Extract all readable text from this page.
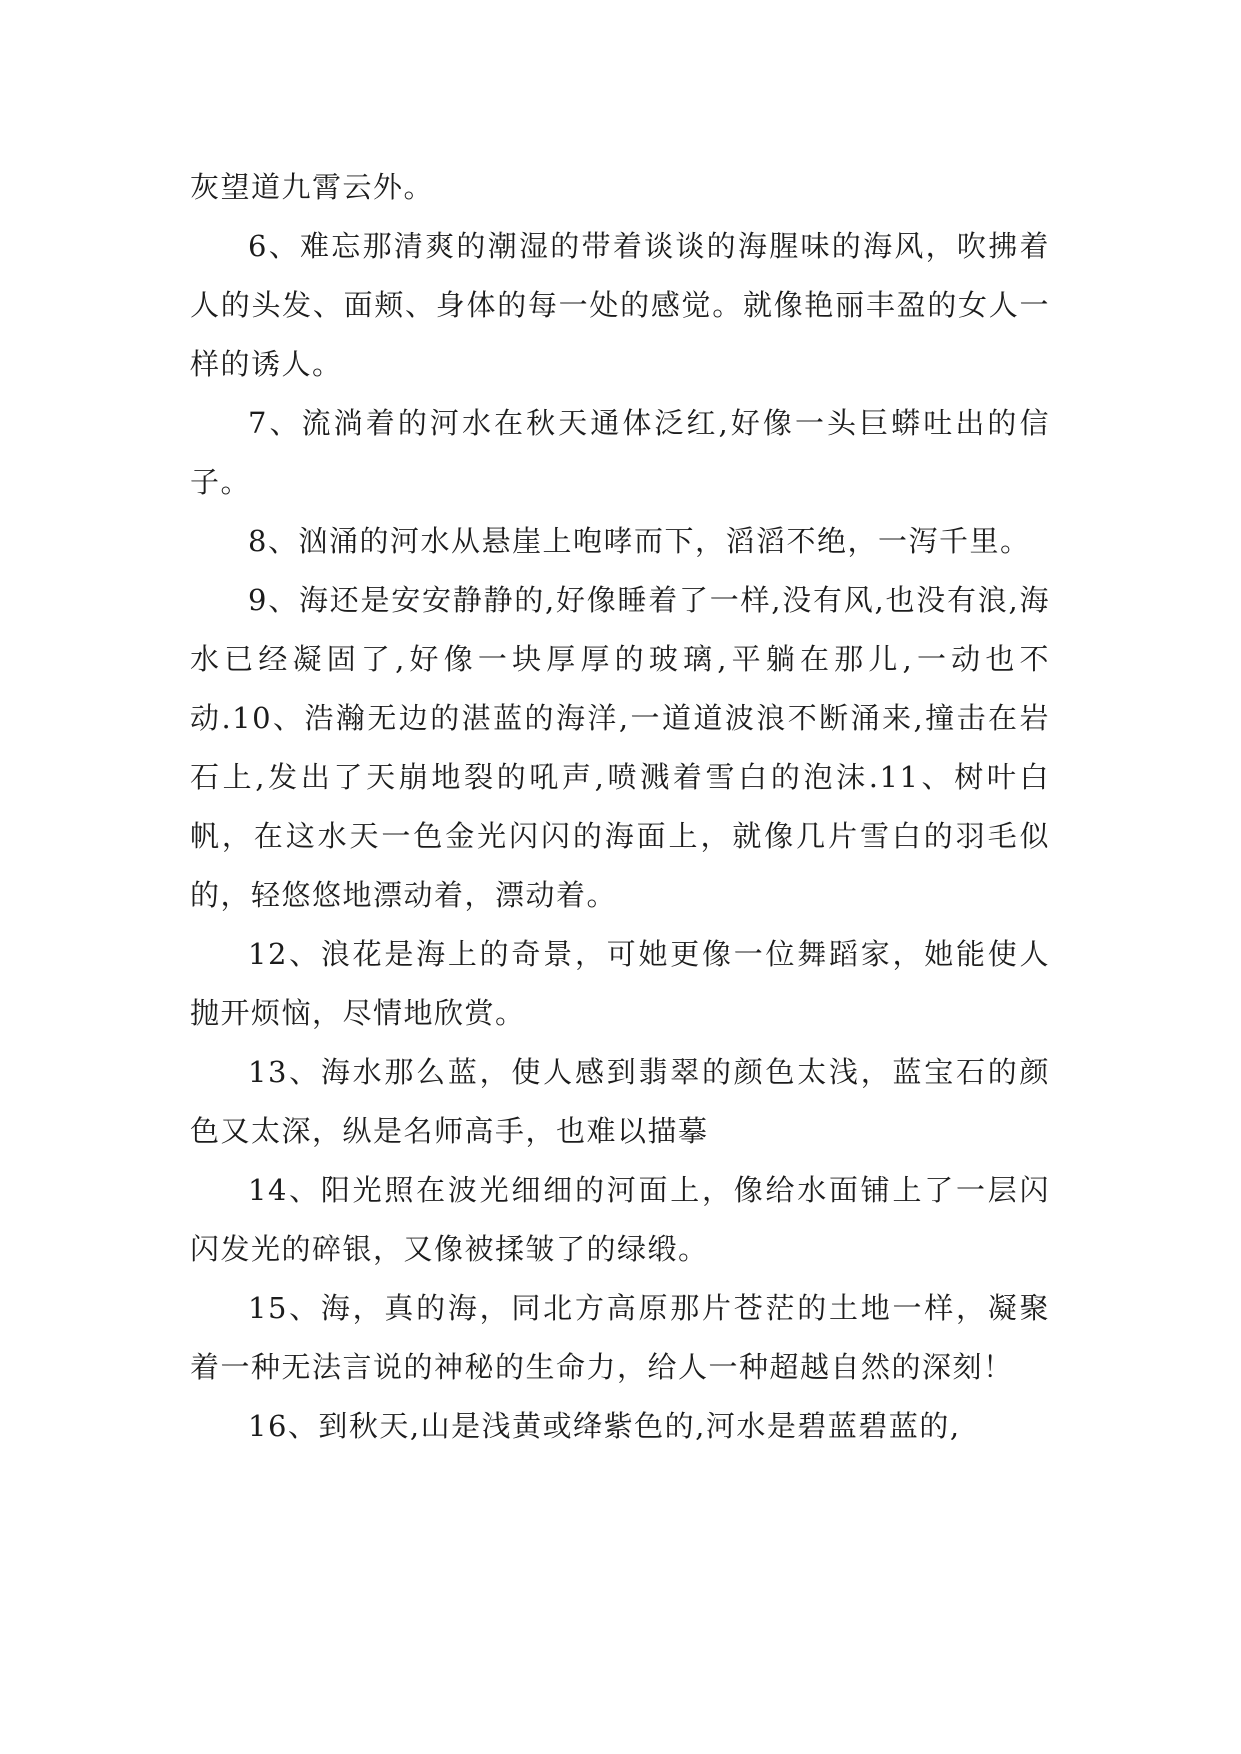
灰望道九霄云外。

6、难忘那清爽的潮湿的带着谈谈的海腥味的海风，吹拂着人的头发、面颊、身体的每一处的感觉。就像艳丽丰盈的女人一样的诱人。

7、流淌着的河水在秋天通体泛红,好像一头巨蟒吐出的信子。

8、汹涌的河水从悬崖上咆哮而下，滔滔不绝，一泻千里。

9、海还是安安静静的,好像睡着了一样,没有风,也没有浪,海水已经凝固了,好像一块厚厚的玻璃,平躺在那儿,一动也不动.10、浩瀚无边的湛蓝的海洋,一道道波浪不断涌来,撞击在岩石上,发出了天崩地裂的吼声,喷溅着雪白的泡沫.11、树叶白帆，在这水天一色金光闪闪的海面上，就像几片雪白的羽毛似的，轻悠悠地漂动着，漂动着。

12、浪花是海上的奇景，可她更像一位舞蹈家，她能使人抛开烦恼，尽情地欣赏。

13、海水那么蓝，使人感到翡翠的颜色太浅，蓝宝石的颜色又太深，纵是名师高手，也难以描摹

14、阳光照在波光细细的河面上，像给水面铺上了一层闪闪发光的碎银，又像被揉皱了的绿缎。

15、海，真的海，同北方高原那片苍茫的土地一样，凝聚着一种无法言说的神秘的生命力，给人一种超越自然的深刻！

16、到秋天,山是浅黄或绛紫色的,河水是碧蓝碧蓝的,
